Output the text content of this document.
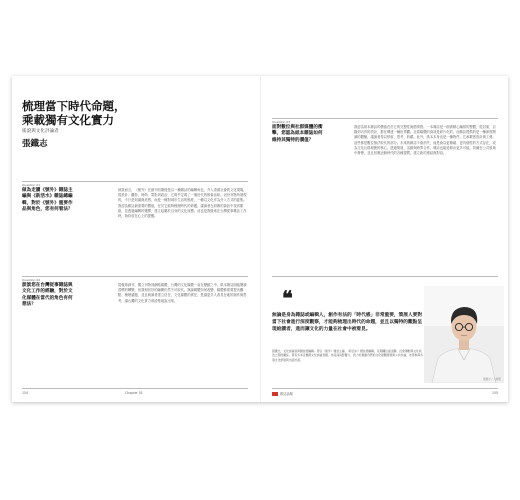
梳理當下時代命題，
乘載獨有文化實力
搖滾與文化評論者
張鐵志
Question 01
做為走讀《號外》雜誌主編與《新活水》雜誌總編輯，對於《號外》重要作品與角色，您有何看法？
就我而言，《號外》在創刊初期便是以一種雜誌的編輯角色，介入香港社會的文化現場，從設計、攝影、時尚、電影到政治，它幾乎定義了一個世代的都會品味。這份刊物所展現的，不只是知識與美感，而是一種對城市生活的態度，一種以文化作為介入方式的姿態。我認為雜誌最重要的價值，在於它能夠梳理時代的命題，讓讀者在紛雜的資訊中找到脈絡，並透過編輯的選擇，建立起屬於自身的文化座標。這也是我後來在台灣從事雜誌工作時，始終放在心上的提醒。
Question 02
談談您在台灣從事雜誌與文化工作的經驗，對於文化媒體在當代的角色有何想法？
從報紙副刊、獨立刊物到網路媒體，台灣的文化媒體一直在變動之中。紙本雜誌面臨閱讀習慣的轉變，但我相信好的編輯仍然不可取代。無論載體如何改變，媒體都需要提出觀點、梳理議題，並且與讀者建立信任。文化媒體的責任，是讓更多人看見在地的創作與思考，讓台灣的文化實力被清楚地說出來。
154	Chapter 01
Question 03
面對數位與社群媒體的衝擊，您認為紙本雜誌如何維持其獨特的價值？
我認為紙本雜誌的價值在於它的完整性與節奏感。一本雜誌是一個被精心編排的整體，從封面、目錄到內頁的設計，都在傳達一種世界觀。社群媒體的資訊是碎片化的，而雜誌提供的是一種深度閱讀的體驗，讓讀者得以停留、思考、收藏。此外，紙本本身也是一種物件，它承載著設計與工藝，這些都是數位無法取代的部分。未來的雜誌不會消失，而是會以更精緻、更具個性的方式存在，成為文化社群凝聚的核心。透過策展、活動與跨界合作，雜誌也能延伸出更多可能，持續在公共領域中發聲，並且回應這個時代的各種提問，建立新的連結與對話。
❝
無論是身為雜誌或編輯人，創作有法的「時代感」非常重要，策展人要對當下社會進行深度觀察，才能夠梳理出時代的命題，並且以獨特的觀點呈現給讀者，進而讓文化的力量在社會中被看見。
張鐵志，文化評論者與雜誌總編輯。曾任《號外》雜誌主編、《新活水》雜誌總編輯，長期關注搖滾樂、社會運動與文化政治之間的關係。著有多本音樂與文化評論書籍，作品深具影響力，致力於推動台灣的文化媒體發展與公共討論，亦曾參與多項文化策展與出版計畫。
張鐵志 / 人物照
雜誌論壇	155
